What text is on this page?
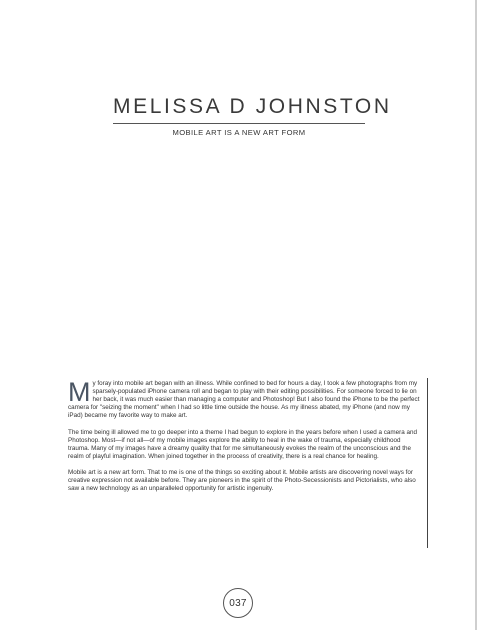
MELISSA D JOHNSTON
MOBILE ART IS A NEW ART FORM

My foray into mobile art began with an illness. While confined to bed for hours a day, I took a few photographs from my sparsely-populated iPhone camera roll and began to play with their editing possibilities. For someone forced to lie on her back, it was much easier than managing a computer and Photoshop! But I also found the iPhone to be the perfect camera for "seizing the moment" when I had so little time outside the house. As my illness abated, my iPhone (and now my iPad) became my favorite way to make art.

The time being ill allowed me to go deeper into a theme I had begun to explore in the years before when I used a camera and Photoshop. Most—if not all—of my mobile images explore the ability to heal in the wake of trauma, especially childhood trauma. Many of my images have a dreamy quality that for me simultaneously evokes the realm of the unconscious and the realm of playful imagination. When joined together in the process of creativity, there is a real chance for healing.

Mobile art is a new art form. That to me is one of the things so exciting about it. Mobile artists are discovering novel ways for creative expression not available before. They are pioneers in the spirit of the Photo-Secessionists and Pictorialists, who also saw a new technology as an unparalleled opportunity for artistic ingenuity.

037
